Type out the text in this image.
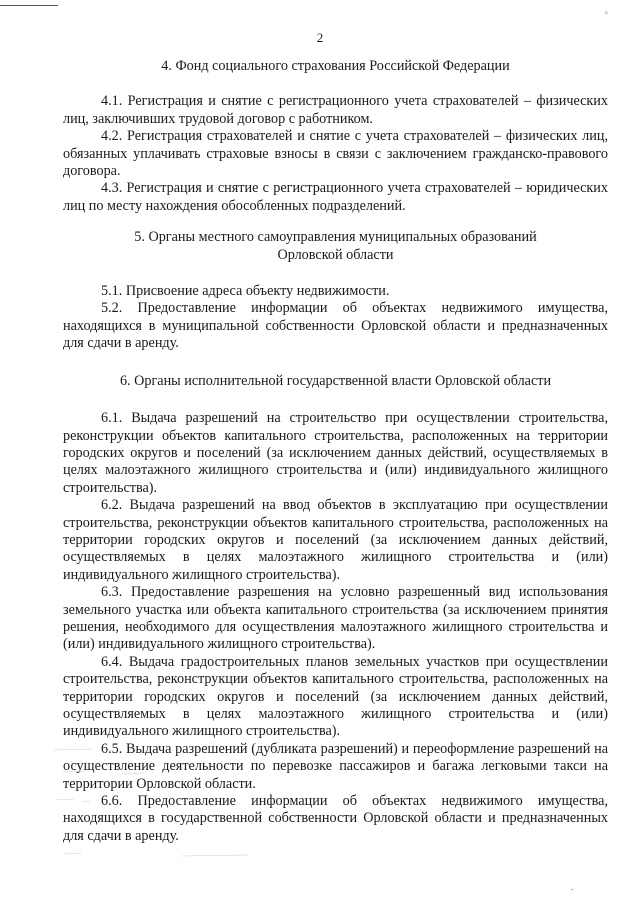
▫
˘
2
4. Фонд социального страхования Российской Федерации

4.1. Регистрация и снятие с регистрационного учета страхователей – физических лиц, заключивших трудовой договор с работником.

4.2. Регистрация страхователей и снятие с учета страхователей – физических лиц, обязанных уплачивать страховые взносы в связи с заключением гражданско-правового договора.

4.3. Регистрация и снятие с регистрационного учета страхователей – юридических лиц по месту нахождения обособленных подразделений.

5. Органы местного самоуправления муниципальных образований
Орловской области

5.1. Присвоение адреса объекту недвижимости.

5.2. Предоставление информации об объектах недвижимого имущества, находящихся в муниципальной собственности Орловской области и предназначенных для сдачи в аренду.

6. Органы исполнительной государственной власти Орловской области

6.1. Выдача разрешений на строительство при осуществлении строительства, реконструкции объектов капитального строительства, расположенных на территории городских округов и поселений (за исключением данных действий, осуществляемых в целях малоэтажного жилищного строительства и (или) индивидуального жилищного строительства).

6.2. Выдача разрешений на ввод объектов в эксплуатацию при осуществлении строительства, реконструкции объектов капитального строительства, расположенных на территории городских округов и поселений (за исключением данных действий, осуществляемых в целях малоэтажного жилищного строительства и (или) индивидуального жилищного строительства).

6.3. Предоставление разрешения на условно разрешенный вид использования земельного участка или объекта капитального строительства (за исключением принятия решения, необходимого для осуществления малоэтажного жилищного строительства и (или) индивидуального жилищного строительства).

6.4. Выдача градостроительных планов земельных участков при осуществлении строительства, реконструкции объектов капитального строительства, расположенных на территории городских округов и поселений (за исключением данных действий, осуществляемых в целях малоэтажного жилищного строительства и (или) индивидуального жилищного строительства).

6.5. Выдача разрешений (дубликата разрешений) и переоформление разрешений на осуществление деятельности по перевозке пассажиров и багажа легковыми такси на территории Орловской области.

6.6. Предоставление информации об объектах недвижимого имущества, находящихся в государственной собственности Орловской области и предназначенных для сдачи в аренду.
